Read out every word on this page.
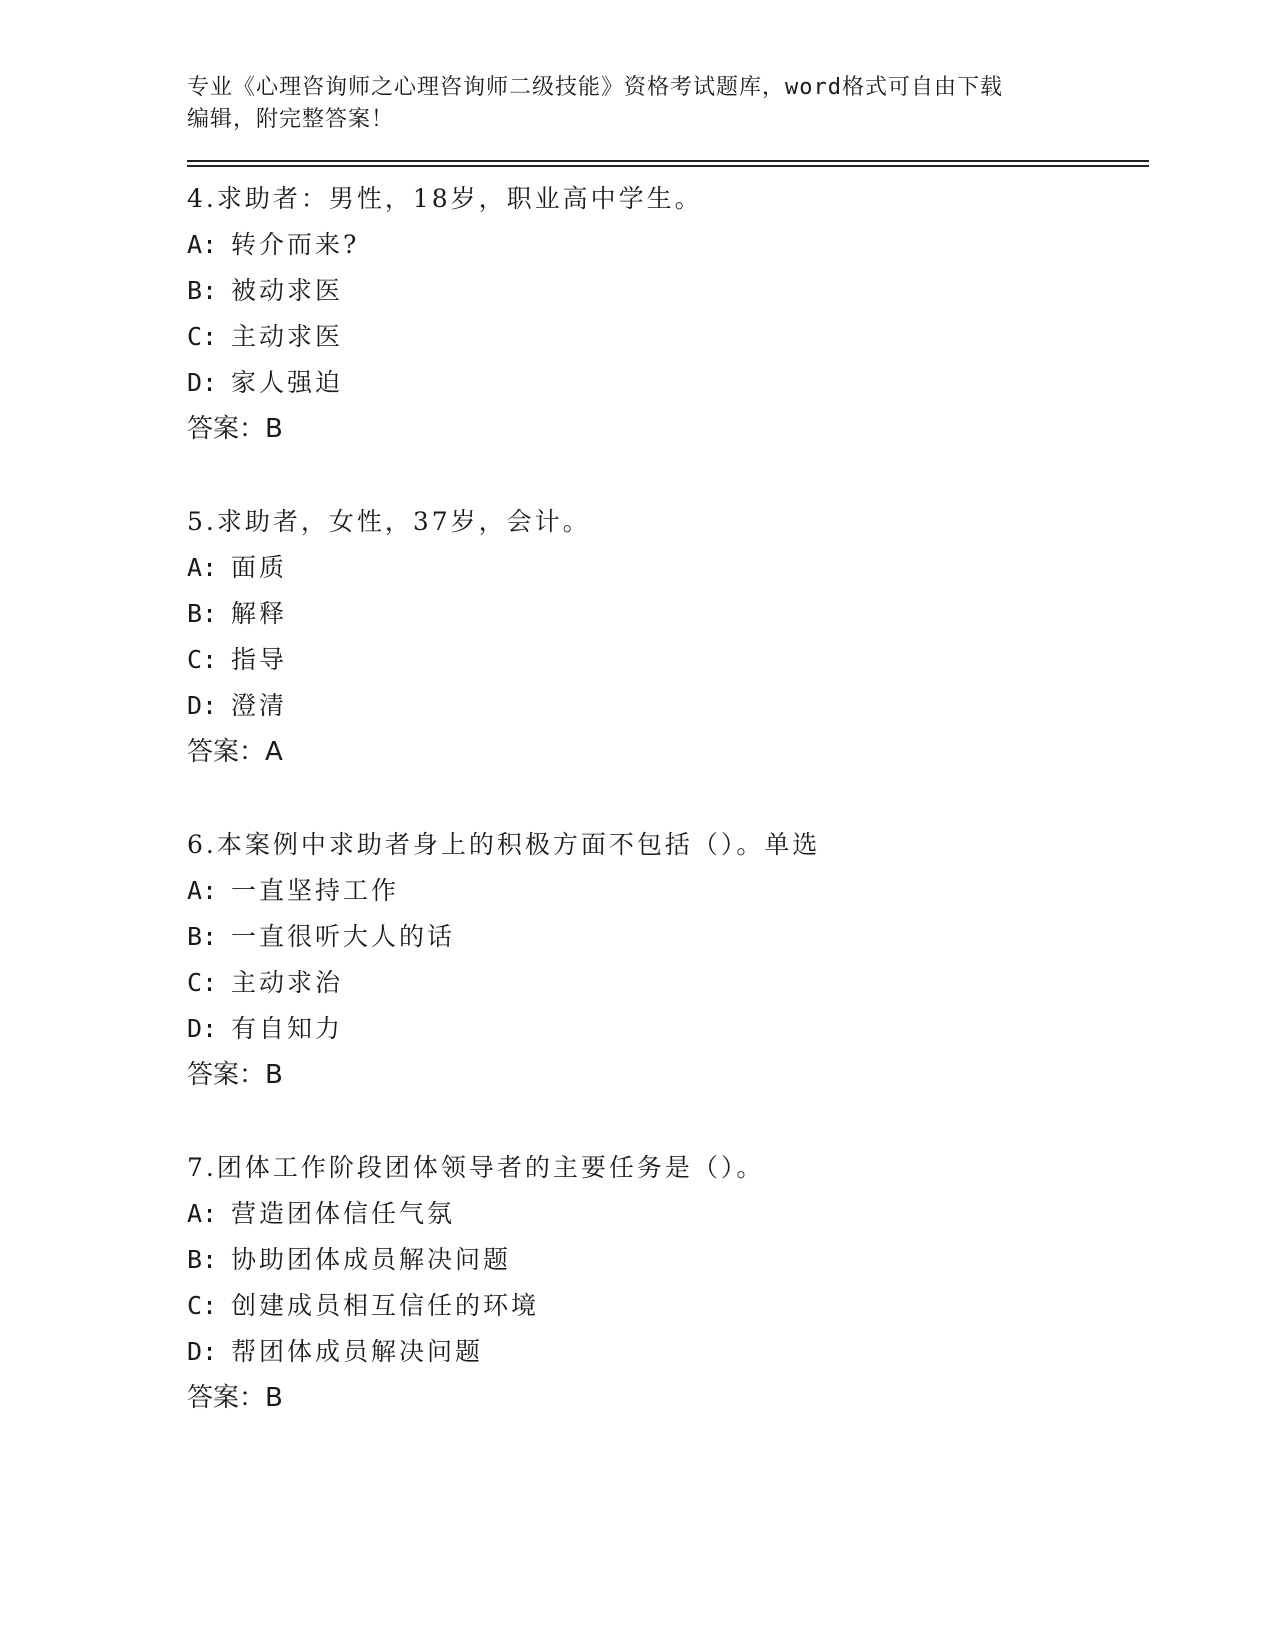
专业《心理咨询师之心理咨询师二级技能》资格考试题库，word格式可自由下载

编辑，附完整答案！

4.求助者：男性，18岁，职业高中学生。

A: 转介而来?

B: 被动求医

C: 主动求医

D: 家人强迫

答案：B

5.求助者，女性，37岁，会计。

A: 面质

B: 解释

C: 指导

D: 澄清

答案：A

6.本案例中求助者身上的积极方面不包括（）。单选

A: 一直坚持工作

B: 一直很听大人的话

C: 主动求治

D: 有自知力

答案：B

7.团体工作阶段团体领导者的主要任务是（）。

A: 营造团体信任气氛

B: 协助团体成员解决问题

C: 创建成员相互信任的环境

D: 帮团体成员解决问题

答案：B
